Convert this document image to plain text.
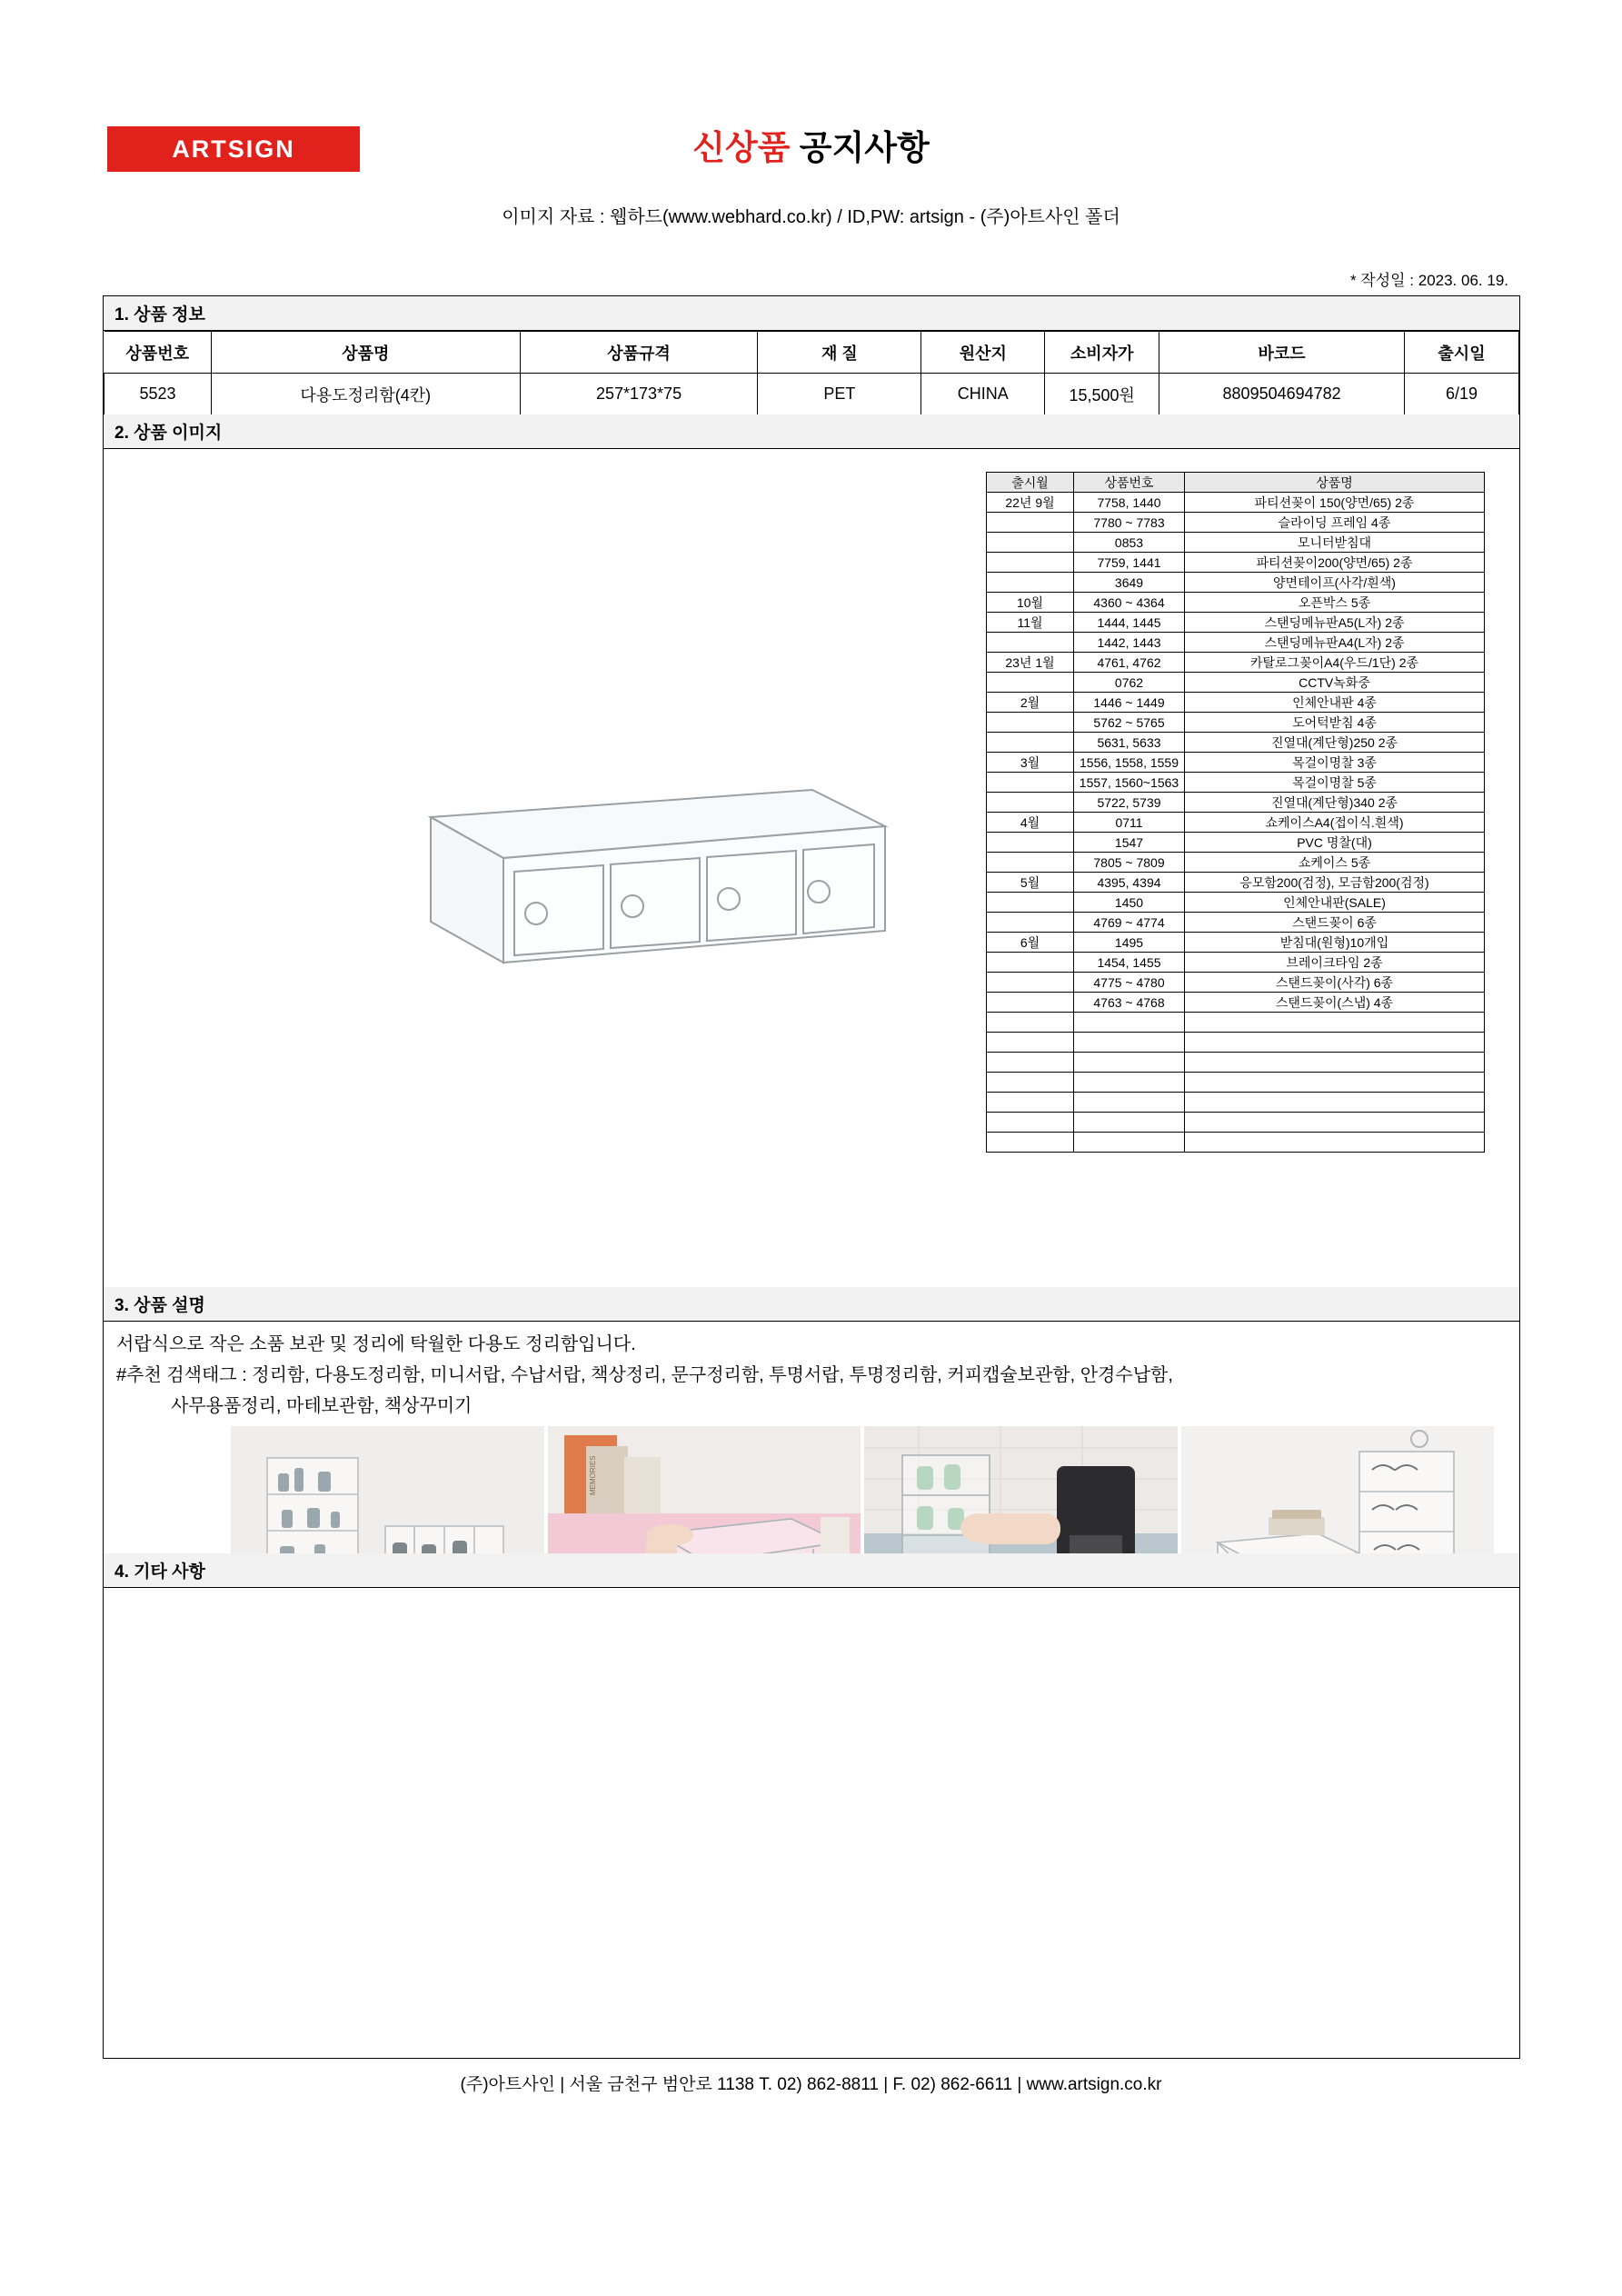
ARTSIGN	신상품 공지사항
이미지 자료 : 웹하드(www.webhard.co.kr) / ID,PW: artsign - (주)아트사인 폴더
* 작성일 : 2023. 06. 19.
1. 상품 정보
상품번호	상품명	상품규격	재 질	원산지	소비자가	바코드	출시일
5523	다용도정리함(4칸)	257*173*75	PET	CHINA	15,500원	8809504694782	6/19
2. 상품 이미지
출시월	상품번호	상품명
22년 9월	7758, 1440	파티션꽂이 150(양면/65) 2종
	7780 ~ 7783	슬라이딩 프레임 4종
	0853	모니터받침대
	7759, 1441	파티션꽂이200(양면/65) 2종
	3649	양면테이프(사각/흰색)
10월	4360 ~ 4364	오픈박스 5종
11월	1444, 1445	스탠딩메뉴판A5(L자) 2종
	1442, 1443	스탠딩메뉴판A4(L자) 2종
23년 1월	4761, 4762	카탈로그꽂이A4(우드/1단) 2종
	0762	CCTV녹화중
2월	1446 ~ 1449	인체안내판 4종
	5762 ~ 5765	도어턱받침 4종
	5631, 5633	진열대(계단형)250 2종
3월	1556, 1558, 1559	목걸이명찰 3종
	1557, 1560~1563	목걸이명찰 5종
	5722, 5739	진열대(계단형)340 2종
4월	0711	쇼케이스A4(접이식.흰색)
	1547	PVC 명찰(대)
	7805 ~ 7809	쇼케이스 5종
5월	4395, 4394	응모함200(검정), 모금함200(검정)
	1450	인체안내판(SALE)
	4769 ~ 4774	스탠드꽂이 6종
6월	1495	받침대(원형)10개입
	1454, 1455	브레이크타임 2종
	4775 ~ 4780	스탠드꽂이(사각) 6종
	4763 ~ 4768	스탠드꽂이(스냅) 4종

3. 상품 설명
서랍식으로 작은 소품 보관 및 정리에 탁월한 다용도 정리함입니다.
#추천 검색태그 : 정리함, 다용도정리함, 미니서랍, 수납서랍, 책상정리, 문구정리함, 투명서랍, 투명정리함, 커피캡슐보관함, 안경수납함,
사무용품정리, 마테보관함, 책상꾸미기
MEMORIES
4. 기타 사항
(주)아트사인 | 서울 금천구 범안로 1138 T. 02) 862-8811 | F. 02) 862-6611 | www.artsign.co.kr
